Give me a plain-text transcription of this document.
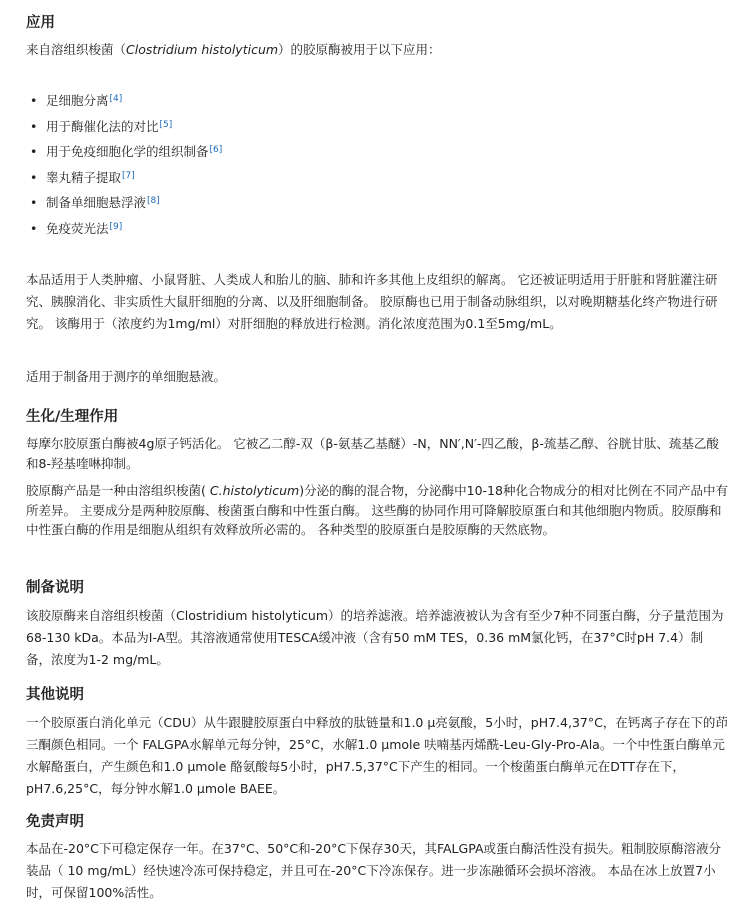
应用

来自溶组织梭菌（Clostridium histolyticum）的胶原酶被用于以下应用：

• 足细胞分离[4]
• 用于酶催化法的对比[5]
• 用于免疫细胞化学的组织制备[6]
• 睾丸精子提取[7]
• 制备单细胞悬浮液[8]
• 免疫荧光法[9]

本品适用于人类肿瘤、小鼠肾脏、人类成人和胎儿的脑、肺和许多其他上皮组织的解离。 它还被证明适用于肝脏和肾脏灌注研究、胰腺消化、非实质性大鼠肝细胞的分离、以及肝细胞制备。 胶原酶也已用于制备动脉组织，以对晚期糖基化终产物进行研究。 该酶用于（浓度约为1mg/ml）对肝细胞的释放进行检测。消化浓度范围为0.1至5mg/mL。

适用于制备用于测序的单细胞悬液。

生化/生理作用

每摩尔胶原蛋白酶被4g原子钙活化。 它被乙二醇-双（β-氨基乙基醚）-N，NN′,N′-四乙酸，β-巯基乙醇、谷胱甘肽、巯基乙酸和8-羟基喹啉抑制。

胶原酶产品是一种由溶组织梭菌( C.histolyticum)分泌的酶的混合物，分泌酶中10-18种化合物成分的相对比例在不同产品中有所差异。 主要成分是两种胶原酶、梭菌蛋白酶和中性蛋白酶。 这些酶的协同作用可降解胶原蛋白和其他细胞内物质。胶原酶和中性蛋白酶的作用是细胞从组织有效释放所必需的。 各种类型的胶原蛋白是胶原酶的天然底物。

制备说明

该胶原酶来自溶组织梭菌（Clostridium histolyticum）的培养滤液。培养滤液被认为含有至少7种不同蛋白酶，分子量范围为68-130 kDa。本品为I-A型。其溶液通常使用TESCA缓冲液（含有50 mM TES，0.36 mM氯化钙，在37°C时pH 7.4）制备，浓度为1-2 mg/mL。

其他说明

一个胶原蛋白消化单元（CDU）从牛跟腱胶原蛋白中释放的肽链量和1.0 μ亮氨酸，5小时，pH7.4,37°C，在钙离子存在下的茚三酮颜色相同。一个 FALGPA水解单元每分钟，25°C，水解1.0 μmole 呋喃基丙烯酰-Leu-Gly-Pro-Ala。一个中性蛋白酶单元水解酪蛋白，产生颜色和1.0 μmole 酪氨酸每5小时，pH7.5,37°C下产生的相同。一个梭菌蛋白酶单元在DTT存在下，pH7.6,25°C，每分钟水解1.0 μmole BAEE。

免责声明

本品在-20°C下可稳定保存一年。在37°C、50°C和-20°C下保存30天，其FALGPA或蛋白酶活性没有损失。粗制胶原酶溶液分装品（ 10 mg/mL）经快速冷冻可保持稳定，并且可在-20°C下冷冻保存。进一步冻融循环会损坏溶液。 本品在冰上放置7小时，可保留100%活性。
